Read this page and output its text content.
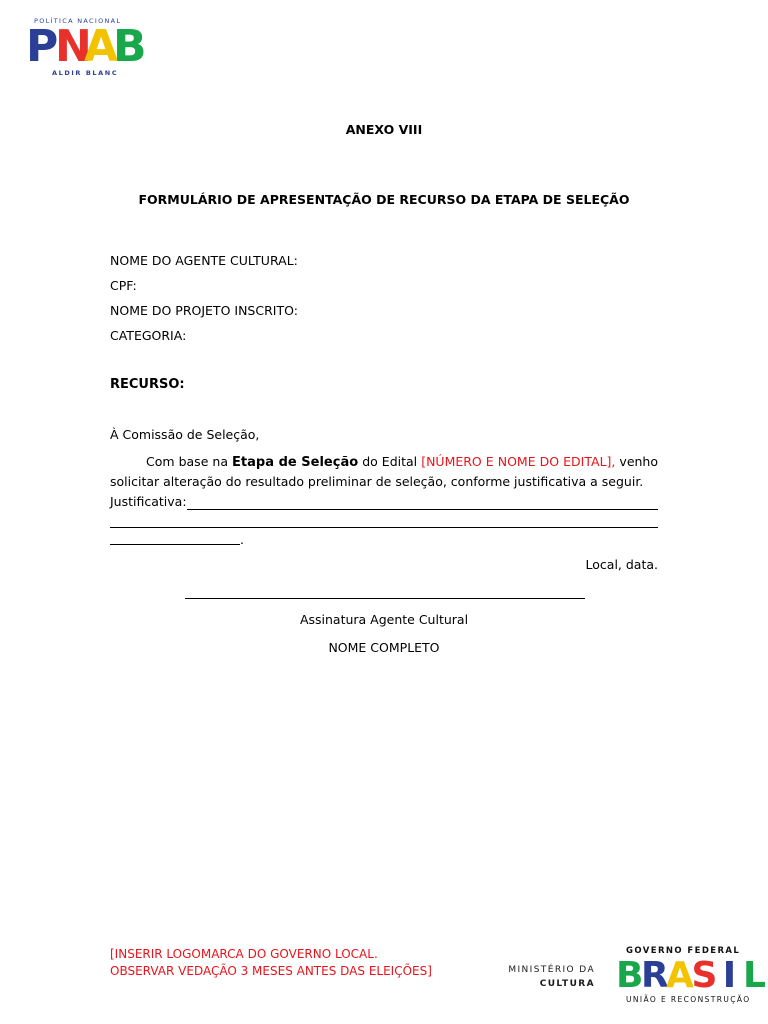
POLÍTICA NACIONAL
P
N
A
B
ALDIR BLANC
ANEXO VIII
FORMULÁRIO DE APRESENTAÇÃO DE RECURSO DA ETAPA DE SELEÇÃO
NOME DO AGENTE CULTURAL:
CPF:
NOME DO PROJETO INSCRITO:
CATEGORIA:
RECURSO:
À Comissão de Seleção,
Com base na Etapa de Seleção do Edital [NÚMERO E NOME DO EDITAL], venho solicitar alteração do resultado preliminar de seleção, conforme justificativa a seguir.
Justificativa:
.
Local, data.
Assinatura Agente Cultural
NOME COMPLETO
[INSERIR LOGOMARCA DO GOVERNO LOCAL.
OBSERVAR VEDAÇÃO 3 MESES ANTES DAS ELEIÇÕES]	MINISTÉRIO DA
CULTURA
GOVERNO FEDERAL
B R A S I L
UNIÃO E RECONSTRUÇÃO
